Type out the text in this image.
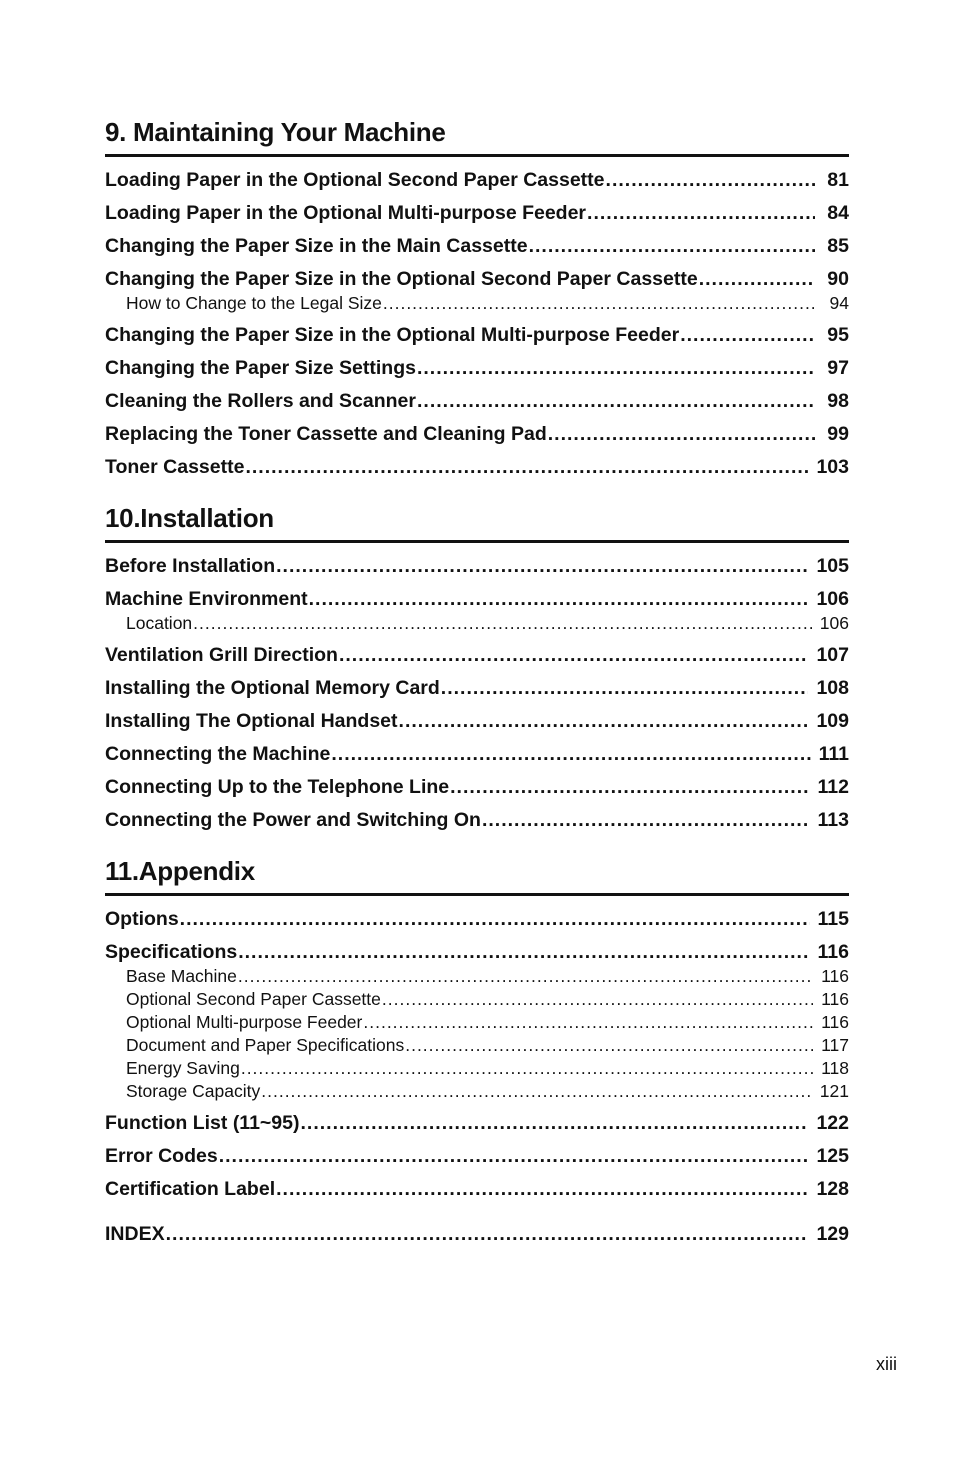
9. Maintaining Your Machine
Loading Paper in the Optional Second Paper Cassette .....	81
Loading Paper in the Optional Multi-purpose Feeder .....	84
Changing the Paper Size in the Main Cassette .....	85
Changing the Paper Size in the Optional Second Paper Cassette .....	90
How to Change to the Legal Size .....	94
Changing the Paper Size in the Optional Multi-purpose Feeder .....	95
Changing the Paper Size Settings .....	97
Cleaning the Rollers and Scanner .....	98
Replacing the Toner Cassette and Cleaning Pad .....	99
Toner Cassette .....	103
10.Installation
Before Installation .....	105
Machine Environment .....	106
Location .....	106
Ventilation Grill Direction .....	107
Installing the Optional Memory Card .....	108
Installing The Optional Handset .....	109
Connecting the Machine .....	111
Connecting Up to the Telephone Line .....	112
Connecting the Power and Switching On .....	113
11.Appendix
Options .....	115
Specifications .....	116
Base Machine .....	116
Optional Second Paper Cassette .....	116
Optional Multi-purpose Feeder .....	116
Document and Paper Specifications .....	117
Energy Saving .....	118
Storage Capacity .....	121
Function List (11~95) .....	122
Error Codes .....	125
Certification Label .....	128
INDEX .....	129
xiii
